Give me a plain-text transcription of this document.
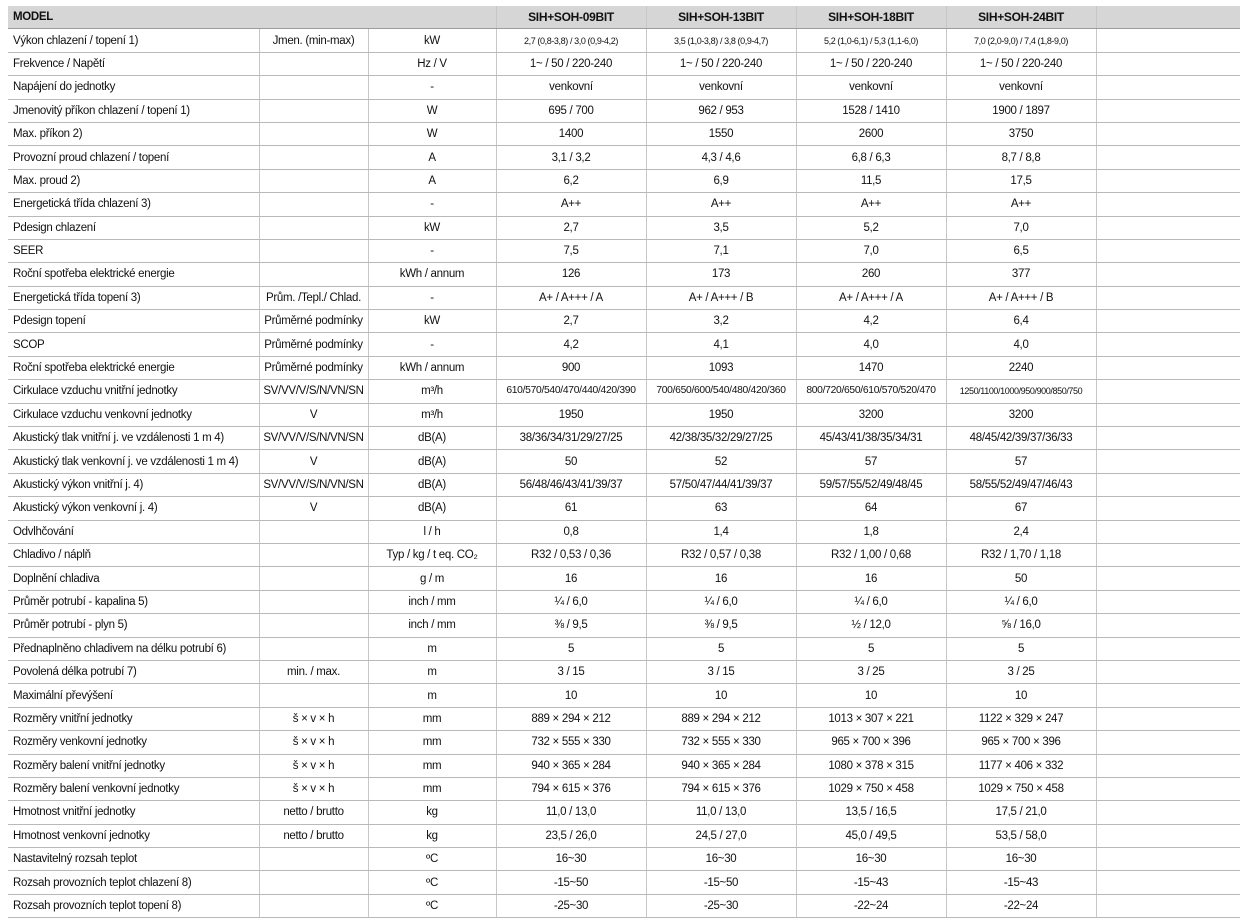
MODEL			SIH+SOH-09BIT	SIH+SOH-13BIT	SIH+SOH-18BIT	SIH+SOH-24BIT	
Výkon chlazení / topení 1)	Jmen. (min-max)	kW	2,7 (0,8-3,8) / 3,0 (0,9-4,2)	3,5 (1,0-3,8) / 3,8 (0,9-4,7)	5,2 (1,0-6,1) / 5,3 (1,1-6,0)	7,0 (2,0-9,0) / 7,4 (1,8-9,0)	
Frekvence / Napětí		Hz / V	1~ / 50 / 220-240	1~ / 50 / 220-240	1~ / 50 / 220-240	1~ / 50 / 220-240	
Napájení do jednotky		-	venkovní	venkovní	venkovní	venkovní	
Jmenovitý příkon chlazení / topení 1)		W	695 / 700	962 / 953	1528 / 1410	1900 / 1897	
Max. příkon 2)		W	1400	1550	2600	3750	
Provozní proud chlazení / topení		A	3,1 / 3,2	4,3 / 4,6	6,8 / 6,3	8,7 / 8,8	
Max. proud 2)		A	6,2	6,9	11,5	17,5	
Energetická třída chlazení 3)		-	A++	A++	A++	A++	
Pdesign chlazení		kW	2,7	3,5	5,2	7,0	
SEER		-	7,5	7,1	7,0	6,5	
Roční spotřeba elektrické energie		kWh / annum	126	173	260	377	
Energetická třída topení 3)	Prům. /Tepl./ Chlad.	-	A+ / A+++ / A	A+ / A+++ / B	A+ / A+++ / A	A+ / A+++ / B	
Pdesign topení	Průměrné podmínky	kW	2,7	3,2	4,2	6,4	
SCOP	Průměrné podmínky	-	4,2	4,1	4,0	4,0	
Roční spotřeba elektrické energie	Průměrné podmínky	kWh / annum	900	1093	1470	2240	
Cirkulace vzduchu vnitřní jednotky	SV/VV/V/S/N/VN/SN	m³/h	610/570/540/470/440/420/390	700/650/600/540/480/420/360	800/720/650/610/570/520/470	1250/1100/1000/950/900/850/750	
Cirkulace vzduchu venkovní jednotky	V	m³/h	1950	1950	3200	3200	
Akustický tlak vnitřní j. ve vzdálenosti 1 m 4)	SV/VV/V/S/N/VN/SN	dB(A)	38/36/34/31/29/27/25	42/38/35/32/29/27/25	45/43/41/38/35/34/31	48/45/42/39/37/36/33	
Akustický tlak venkovní j. ve vzdálenosti 1 m 4)	V	dB(A)	50	52	57	57	
Akustický výkon vnitřní j. 4)	SV/VV/V/S/N/VN/SN	dB(A)	56/48/46/43/41/39/37	57/50/47/44/41/39/37	59/57/55/52/49/48/45	58/55/52/49/47/46/43	
Akustický výkon venkovní j. 4)	V	dB(A)	61	63	64	67	
Odvlhčování		l / h	0,8	1,4	1,8	2,4	
Chladivo / náplň		Typ / kg / t eq. CO₂	R32 / 0,53 / 0,36	R32 / 0,57 / 0,38	R32 / 1,00 / 0,68	R32 / 1,70 / 1,18	
Doplnění chladiva		g / m	16	16	16	50	
Průměr potrubí - kapalina 5)		inch / mm	¼ / 6,0	¼ / 6,0	¼ / 6,0	¼ / 6,0	
Průměr potrubí - plyn 5)		inch / mm	⅜ / 9,5	⅜ / 9,5	½ / 12,0	⅝ / 16,0	
Přednaplněno chladivem na délku potrubí 6)		m	5	5	5	5	
Povolená délka potrubí 7)	min. / max.	m	3 / 15	3 / 15	3 / 25	3 / 25	
Maximální převýšení		m	10	10	10	10	
Rozměry vnitřní jednotky	š × v × h	mm	889 × 294 × 212	889 × 294 × 212	1013 × 307 × 221	1122 × 329 × 247	
Rozměry venkovní jednotky	š × v × h	mm	732 × 555 × 330	732 × 555 × 330	965 × 700 × 396	965 × 700 × 396	
Rozměry balení vnitřní jednotky	š × v × h	mm	940 × 365 × 284	940 × 365 × 284	1080 × 378 × 315	1177 × 406 × 332	
Rozměry balení venkovní jednotky	š × v × h	mm	794 × 615 × 376	794 × 615 × 376	1029 × 750 × 458	1029 × 750 × 458	
Hmotnost vnitřní jednotky	netto / brutto	kg	11,0 / 13,0	11,0 / 13,0	13,5 / 16,5	17,5 / 21,0	
Hmotnost venkovní jednotky	netto / brutto	kg	23,5 / 26,0	24,5 / 27,0	45,0 / 49,5	53,5 / 58,0	
Nastavitelný rozsah teplot		ºC	16~30	16~30	16~30	16~30	
Rozsah provozních teplot chlazení 8)		ºC	-15~50	-15~50	-15~43	-15~43	
Rozsah provozních teplot topení 8)		ºC	-25~30	-25~30	-22~24	-22~24	
